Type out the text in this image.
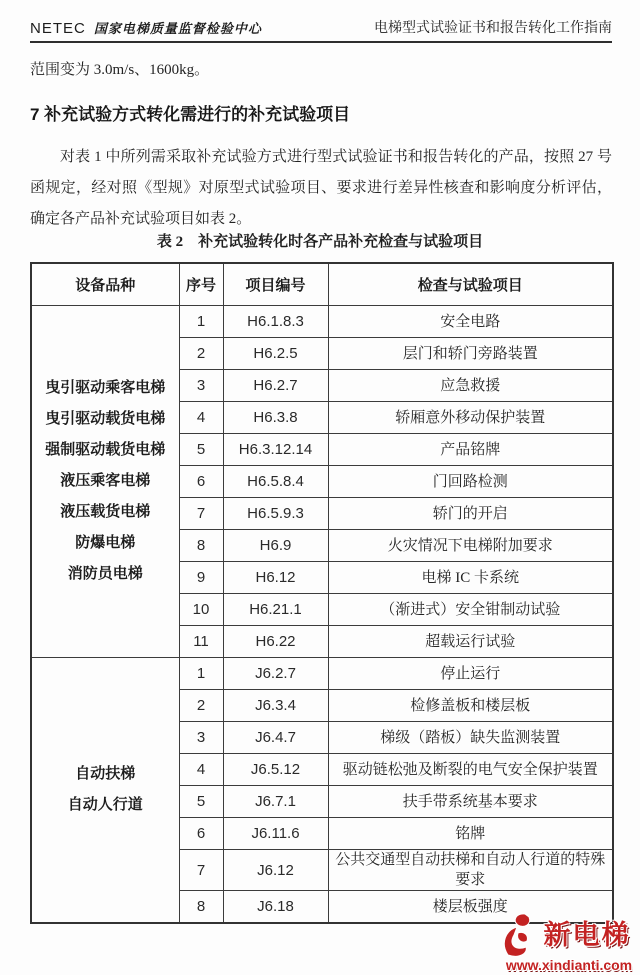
NETEC 国家电梯质量监督检验中心	电梯型式试验证书和报告转化工作指南

范围变为 3.0m/s、1600kg。

7 补充试验方式转化需进行的补充试验项目

对表 1 中所列需采取补充试验方式进行型式试验证书和报告转化的产品，按照 27 号函规定，经对照《型规》对原型式试验项目、要求进行差异性核查和影响度分析评估，确定各产品补充试验项目如表 2。

表 2　补充试验转化时各产品补充检查与试验项目
设备品种	序号	项目编号	检查与试验项目

曳引驱动乘客电梯
曳引驱动载货电梯
强制驱动载货电梯
液压乘客电梯
液压载货电梯
防爆电梯
消防员电梯
	1	H6.1.8.3	安全电路
	2	H6.2.5	层门和轿门旁路装置
	3	H6.2.7	应急救援
	4	H6.3.8	轿厢意外移动保护装置
	5	H6.3.12.14	产品铭牌
	6	H6.5.8.4	门回路检测
	7	H6.5.9.3	轿门的开启
	8	H6.9	火灾情况下电梯附加要求
	9	H6.12	电梯 IC 卡系统
	10	H6.21.1	（渐进式）安全钳制动试验
	11	H6.22	超载运行试验

自动扶梯
自动人行道	1	J6.2.7	停止运行
	2	J6.3.4	检修盖板和楼层板
	3	J6.4.7	梯级（踏板）缺失监测装置
	4	J6.5.12	驱动链松弛及断裂的电气安全保护装置
	5	J6.7.1	扶手带系统基本要求
	6	J6.11.6	铭牌
	7	J6.12	公共交通型自动扶梯和自动人行道的特殊要求
	8	J6.18	楼层板强度
新电梯
www.xindianti.com
